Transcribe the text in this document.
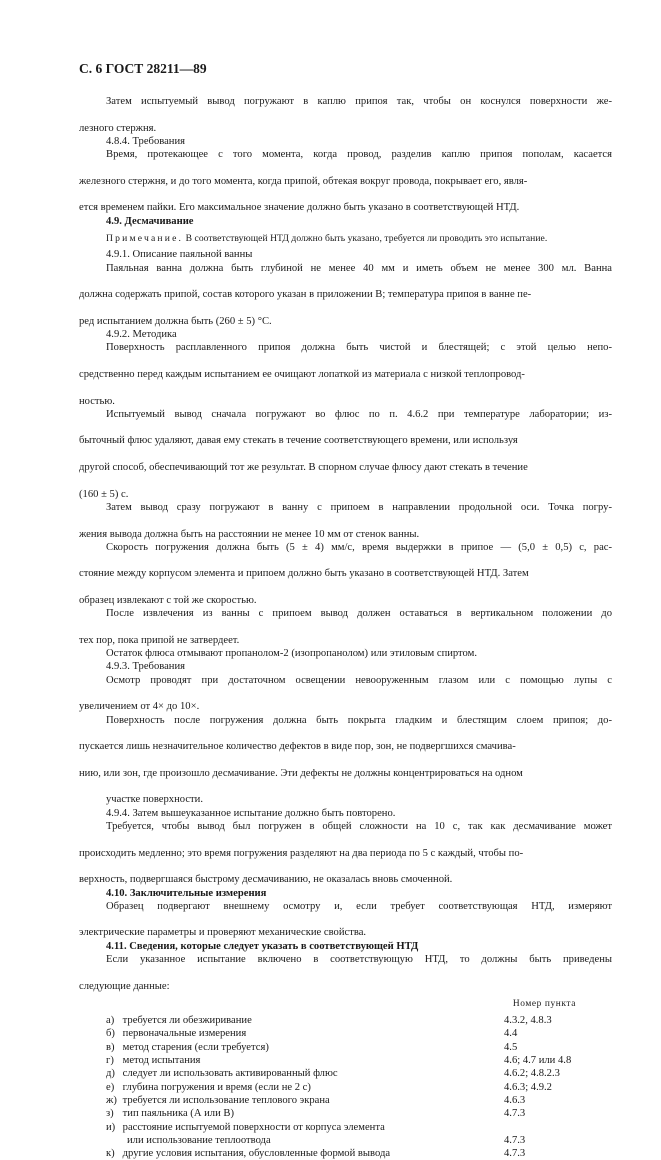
С. 6 ГОСТ 28211—89

Затем испытуемый вывод погружают в каплю припоя так, чтобы он коснулся поверхности же-

лезного стержня.

4.8.4. Требования

Время, протекающее с того момента, когда провод, разделив каплю припоя пополам, касается

железного стержня, и до того момента, когда припой, обтекая вокруг провода, покрывает его, явля-

ется временем пайки. Его максимальное значение должно быть указано в соответствующей НТД.

4.9. Десмачивание

Примечание. В соответствующей НТД должно быть указано, требуется ли проводить это испытание.

4.9.1. Описание паяльной ванны

Паяльная ванна должна быть глубиной не менее 40 мм и иметь объем не менее 300 мл. Ванна

должна содержать припой, состав которого указан в приложении В; температура припоя в ванне пе-

ред испытанием должна быть (260 ± 5) °С.

4.9.2. Методика

Поверхность расплавленного припоя должна быть чистой и блестящей; с этой целью непо-

средственно перед каждым испытанием ее очищают лопаткой из материала с низкой теплопровод-

ностью.

Испытуемый вывод сначала погружают во флюс по п. 4.6.2 при температуре лаборатории; из-

быточный флюс удаляют, давая ему стекать в течение соответствующего времени, или используя

другой способ, обеспечивающий тот же результат. В спорном случае флюсу дают стекать в течение

(160 ± 5) с.

Затем вывод сразу погружают в ванну с припоем в направлении продольной оси. Точка погру-

жения вывода должна быть на расстоянии не менее 10 мм от стенок ванны.

Скорость погружения должна быть (5 ± 4) мм/с, время выдержки в припое — (5,0 ± 0,5) с, рас-

стояние между корпусом элемента и припоем должно быть указано в соответствующей НТД. Затем

образец извлекают с той же скоростью.

После извлечения из ванны с припоем вывод должен оставаться в вертикальном положении до

тех пор, пока припой не затвердеет.

Остаток флюса отмывают пропанолом-2 (изопропанолом) или этиловым спиртом.

4.9.3. Требования

Осмотр проводят при достаточном освещении невооруженным глазом или с помощью лупы с

увеличением от 4× до 10×.

Поверхность после погружения должна быть покрыта гладким и блестящим слоем припоя; до-

пускается лишь незначительное количество дефектов в виде пор, зон, не подвергшихся смачива-

нию, или зон, где произошло десмачивание. Эти дефекты не должны концентрироваться на одном

участке поверхности.

4.9.4. Затем вышеуказанное испытание должно быть повторено.

Требуется, чтобы вывод был погружен в общей сложности на 10 с, так как десмачивание может

происходить медленно; это время погружения разделяют на два периода по 5 с каждый, чтобы по-

верхность, подвергшаяся быстрому десмачиванию, не оказалась вновь смоченной.

4.10. Заключительные измерения

Образец подвергают внешнему осмотру и, если требует соответствующая НТД, измеряют

электрические параметры и проверяют механические свойства.

4.11. Сведения, которые следует указать в соответствующей НТД

Если указанное испытание включено в соответствующую НТД, то должны быть приведены

следующие данные:

Номер пункта

а) требуется ли обезжиривание	4.3.2, 4.8.3
б) первоначальные измерения	4.4
в) метод старения (если требуется)	4.5
г) метод испытания	4.6; 4.7 или 4.8
д) следует ли использовать активированный флюс	4.6.2; 4.8.2.3
е) глубина погружения и время (если не 2 с)	4.6.3; 4.9.2
ж) требуется ли использование теплового экрана	4.6.3
з) тип паяльника (А или В)	4.7.3
и) расстояние испытуемой поверхности от корпуса элемента
или использование теплоотвода	4.7.3
к) другие условия испытания, обусловленные формой вывода	4.7.3
